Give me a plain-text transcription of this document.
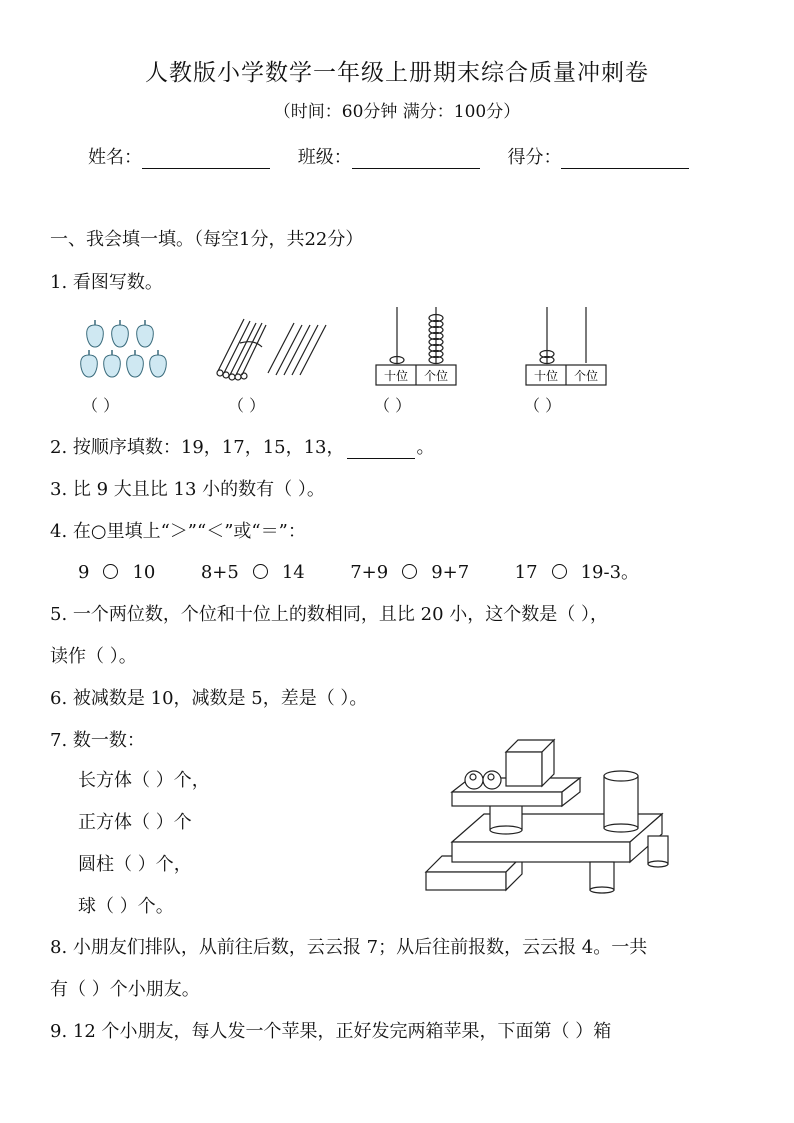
人教版小学数学一年级上册期末综合质量冲刺卷
（时间：60分钟 满分：100分）
姓名：	班级：	得分：
一、我会填一填。（每空1分，共22分）
1. 看图写数。
十位 个位	十位 个位
（ ）	（ ）	（ ）	（ ）
2. 按顺序填数：19，17，15，13，	。
3. 比 9 大且比 13 小的数有（ ）。
4. 在○里填上“＞”“＜”或“＝”：
9 10	8+5 14	7+9 9+7	17 19-3。
5. 一个两位数，个位和十位上的数相同，且比 20 小，这个数是（ ），
读作（ ）。
6. 被减数是 10，减数是 5，差是（ ）。
7. 数一数：
长方体（ ）个，
正方体（ ）个
圆柱（ ）个，
球（ ）个。
8. 小朋友们排队，从前往后数，云云报 7；从后往前报数，云云报 4。一共
有（ ）个小朋友。
9. 12 个小朋友，每人发一个苹果，正好发完两箱苹果，下面第（ ）箱
